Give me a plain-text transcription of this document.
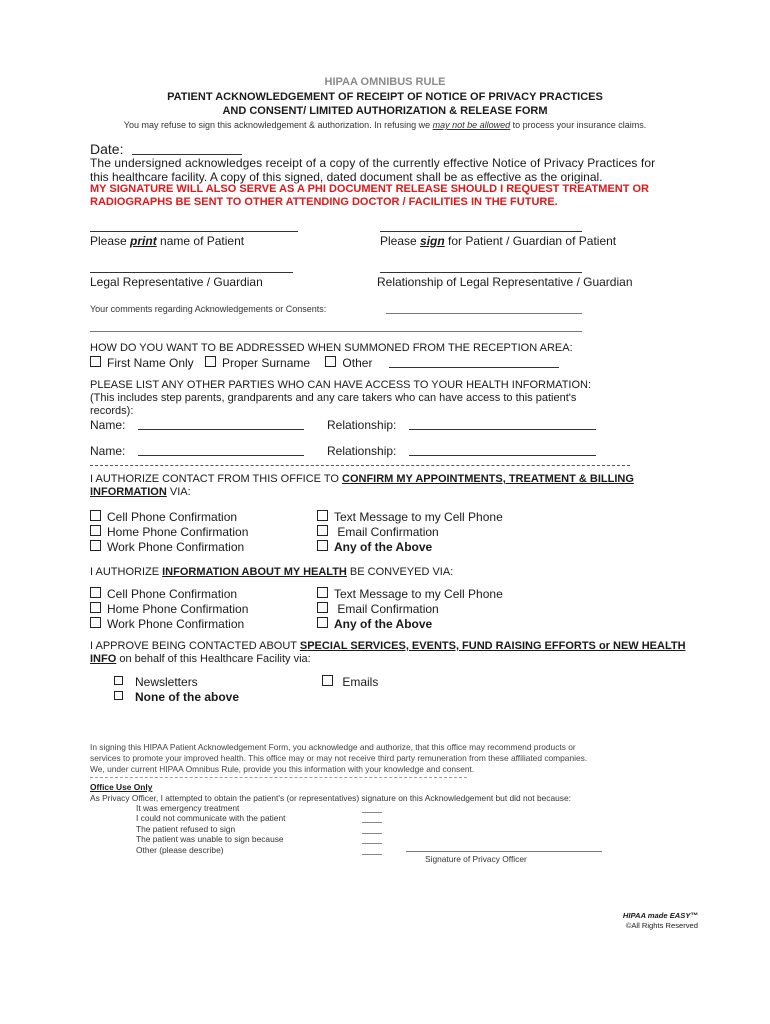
HIPAA OMNIBUS RULE
PATIENT ACKNOWLEDGEMENT OF RECEIPT OF NOTICE OF PRIVACY PRACTICES
AND CONSENT/ LIMITED AUTHORIZATION & RELEASE FORM
You may refuse to sign this acknowledgement & authorization. In refusing we may not be allowed to process your insurance claims.
Date:
The undersigned acknowledges receipt of a copy of the currently effective Notice of Privacy Practices for
this healthcare facility. A copy of this signed, dated document shall be as effective as the original.
MY SIGNATURE WILL ALSO SERVE AS A PHI DOCUMENT RELEASE SHOULD I REQUEST TREATMENT OR
RADIOGRAPHS BE SENT TO OTHER ATTENDING DOCTOR / FACILITIES IN THE FUTURE.
Please print name of Patient	Please sign for Patient / Guardian of Patient
Legal Representative / Guardian	Relationship of Legal Representative / Guardian
Your comments regarding Acknowledgements or Consents:
HOW DO YOU WANT TO BE ADDRESSED WHEN SUMMONED FROM THE RECEPTION AREA:
First Name Only Proper Surname	Other
PLEASE LIST ANY OTHER PARTIES WHO CAN HAVE ACCESS TO YOUR HEALTH INFORMATION:
(This includes step parents, grandparents and any care takers who can have access to this patient's
records):
Name:	Relationship:
Name:	Relationship:
I AUTHORIZE CONTACT FROM THIS OFFICE TO CONFIRM MY APPOINTMENTS, TREATMENT & BILLING
INFORMATION VIA:
Cell Phone Confirmation
Home Phone Confirmation
Work Phone Confirmation
Text Message to my Cell Phone
Email Confirmation
Any of the Above
I AUTHORIZE INFORMATION ABOUT MY HEALTH BE CONVEYED VIA:
Cell Phone Confirmation
Home Phone Confirmation
Work Phone Confirmation
Text Message to my Cell Phone
Email Confirmation
Any of the Above
I APPROVE BEING CONTACTED ABOUT SPECIAL SERVICES, EVENTS, FUND RAISING EFFORTS or NEW HEALTH
INFO on behalf of this Healthcare Facility via:
Newsletters
None of the above
Emails
In signing this HIPAA Patient Acknowledgement Form, you acknowledge and authorize, that this office may recommend products or
services to promote your improved health. This office may or may not receive third party remuneration from these affiliated companies.
We, under current HIPAA Omnibus Rule, provide you this information with your knowledge and consent.
Office Use Only
As Privacy Officer, I attempted to obtain the patient's (or representatives) signature on this Acknowledgement but did not because:
It was emergency treatment
I could not communicate with the patient
The patient refused to sign
The patient was unable to sign because
Other (please describe)
Signature of Privacy Officer
HIPAA made EASY™
©All Rights Reserved
